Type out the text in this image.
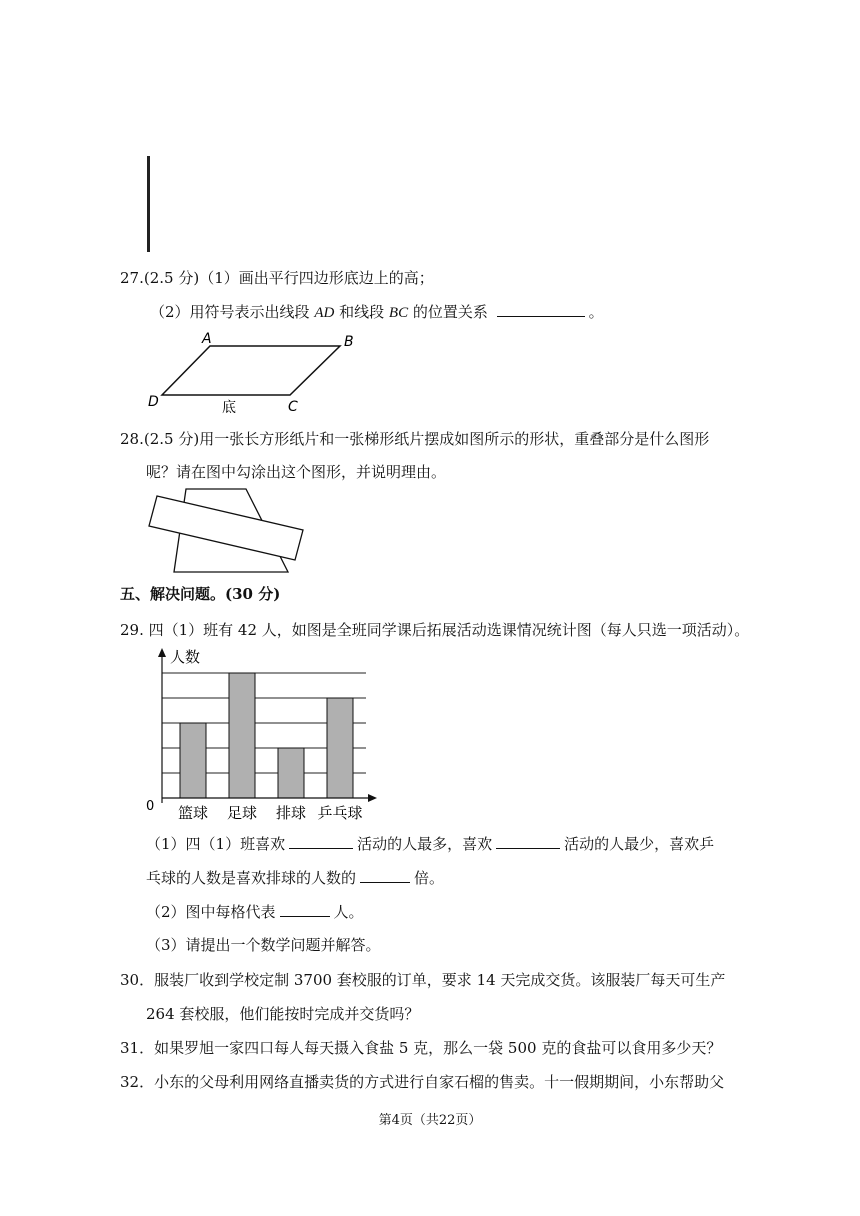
27.(2.5 分)（1）画出平行四边形底边上的高；
（2）用符号表示出线段 AD 和线段 BC 的位置关系	。
A	B
C
D	底
28.(2.5 分)用一张长方形纸片和一张梯形纸片摆成如图所示的形状，重叠部分是什么图形
呢？请在图中勾涂出这个图形，并说明理由。
五、解决问题。(30 分)
29. 四（1）班有 42 人，如图是全班同学课后拓展活动选课情况统计图（每人只选一项活动）。
人数
0 篮球 足球 排球 乒乓球
（1）四（1）班喜欢	活动的人最多，喜欢	活动的人最少，喜欢乒
乓球的人数是喜欢排球的人数的	倍。
（2）图中每格代表	人。
（3）请提出一个数学问题并解答。
30．服装厂收到学校定制 3700 套校服的订单，要求 14 天完成交货。该服装厂每天可生产
264 套校服，他们能按时完成并交货吗？
31．如果罗旭一家四口每人每天摄入食盐 5 克，那么一袋 500 克的食盐可以食用多少天？
32．小东的父母利用网络直播卖货的方式进行自家石榴的售卖。十一假期期间，小东帮助父
第4页（共22页）
